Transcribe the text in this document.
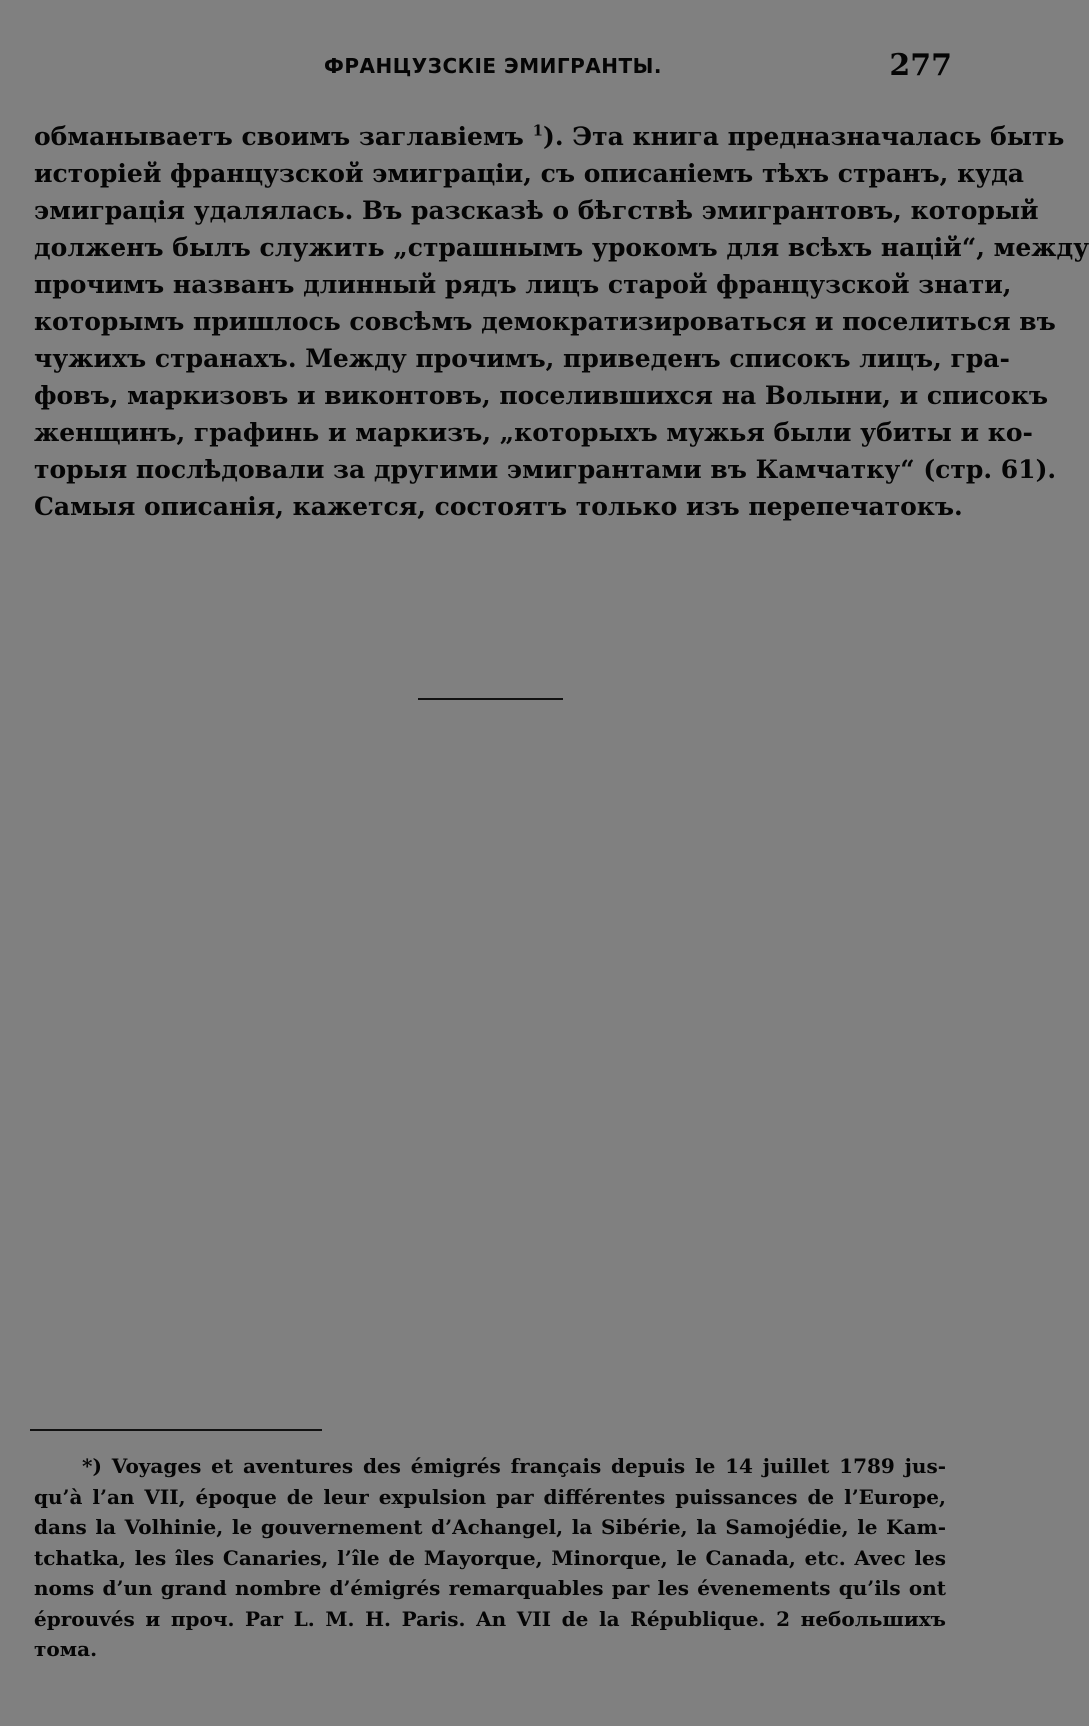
ФРАНЦУЗСКIЕ ЭМИГРАНТЫ.	277
обманываетъ своимъ заглавiемъ $^1$). Эта книга предназначалась быть
исторiей французской эмиграцiи, съ описанiемъ тѣхъ странъ, куда
эмиграцiя удалялась. Въ разсказѣ о бѣгствѣ эмигрантовъ, который
долженъ былъ служить „страшнымъ урокомъ для всѣхъ нацiй“, между
прочимъ названъ длинный рядъ лицъ старой французской знати,
которымъ пришлось совсѣмъ демократизироваться и поселиться въ
чужихъ странахъ. Между прочимъ, приведенъ списокъ лицъ, гра-
фовъ, маркизовъ и виконтовъ, поселившихся на Волыни, и списокъ
женщинъ, графинь и маркизъ, „которыхъ мужья были убиты и ко-
торыя послѣдовали за другими эмигрантами въ Камчатку“ (стр. 61).
Самыя описанiя, кажется, состоятъ только изъ перепечатокъ.
*) Voyages et aventures des émigrés français depuis le 14 juillet 1789 jus-
qu’à l’an VII, époque de leur expulsion par différentes puissances de l’Europe,
dans la Volhinie, le gouvernement d’Achangel, la Sibérie, la Samojédie, le Kam-
tchatka, les îles Canaries, l’île de Mayorque, Minorque, le Canada, etc. Avec les
noms d’un grand nombre d’émigrés remarquables par les évenements qu’ils ont
éprouvés и проч. Par L. M. H. Paris. An VII de la République. 2 небольшихъ
тома.
